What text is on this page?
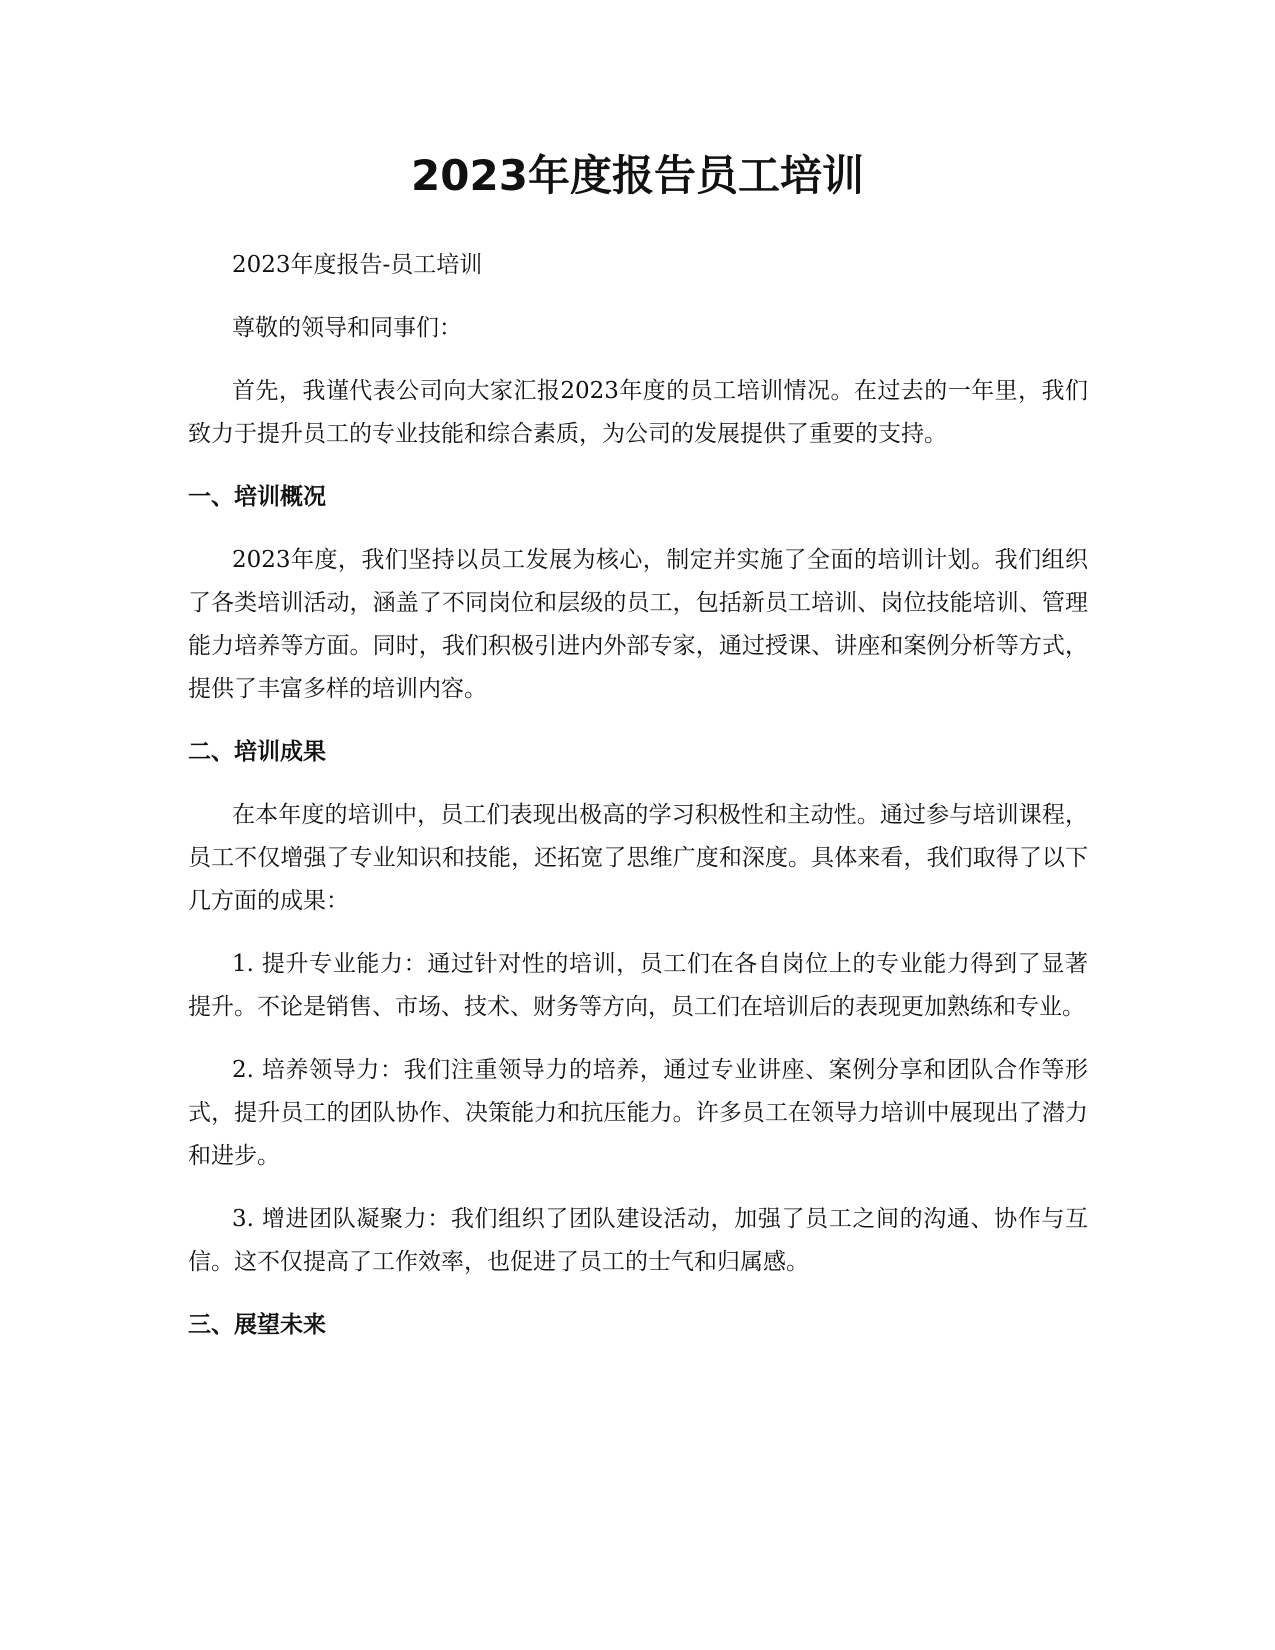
2023年度报告员工培训

2023年度报告-员工培训

尊敬的领导和同事们：

首先，我谨代表公司向大家汇报2023年度的员工培训情况。在过去的一年里，我们致力于提升员工的专业技能和综合素质，为公司的发展提供了重要的支持。

一、培训概况

2023年度，我们坚持以员工发展为核心，制定并实施了全面的培训计划。我们组织了各类培训活动，涵盖了不同岗位和层级的员工，包括新员工培训、岗位技能培训、管理能力培养等方面。同时，我们积极引进内外部专家，通过授课、讲座和案例分析等方式，提供了丰富多样的培训内容。

二、培训成果

在本年度的培训中，员工们表现出极高的学习积极性和主动性。通过参与培训课程，员工不仅增强了专业知识和技能，还拓宽了思维广度和深度。具体来看，我们取得了以下几方面的成果：

1. 提升专业能力：通过针对性的培训，员工们在各自岗位上的专业能力得到了显著提升。不论是销售、市场、技术、财务等方向，员工们在培训后的表现更加熟练和专业。

2. 培养领导力：我们注重领导力的培养，通过专业讲座、案例分享和团队合作等形式，提升员工的团队协作、决策能力和抗压能力。许多员工在领导力培训中展现出了潜力和进步。

3. 增进团队凝聚力：我们组织了团队建设活动，加强了员工之间的沟通、协作与互信。这不仅提高了工作效率，也促进了员工的士气和归属感。

三、展望未来
